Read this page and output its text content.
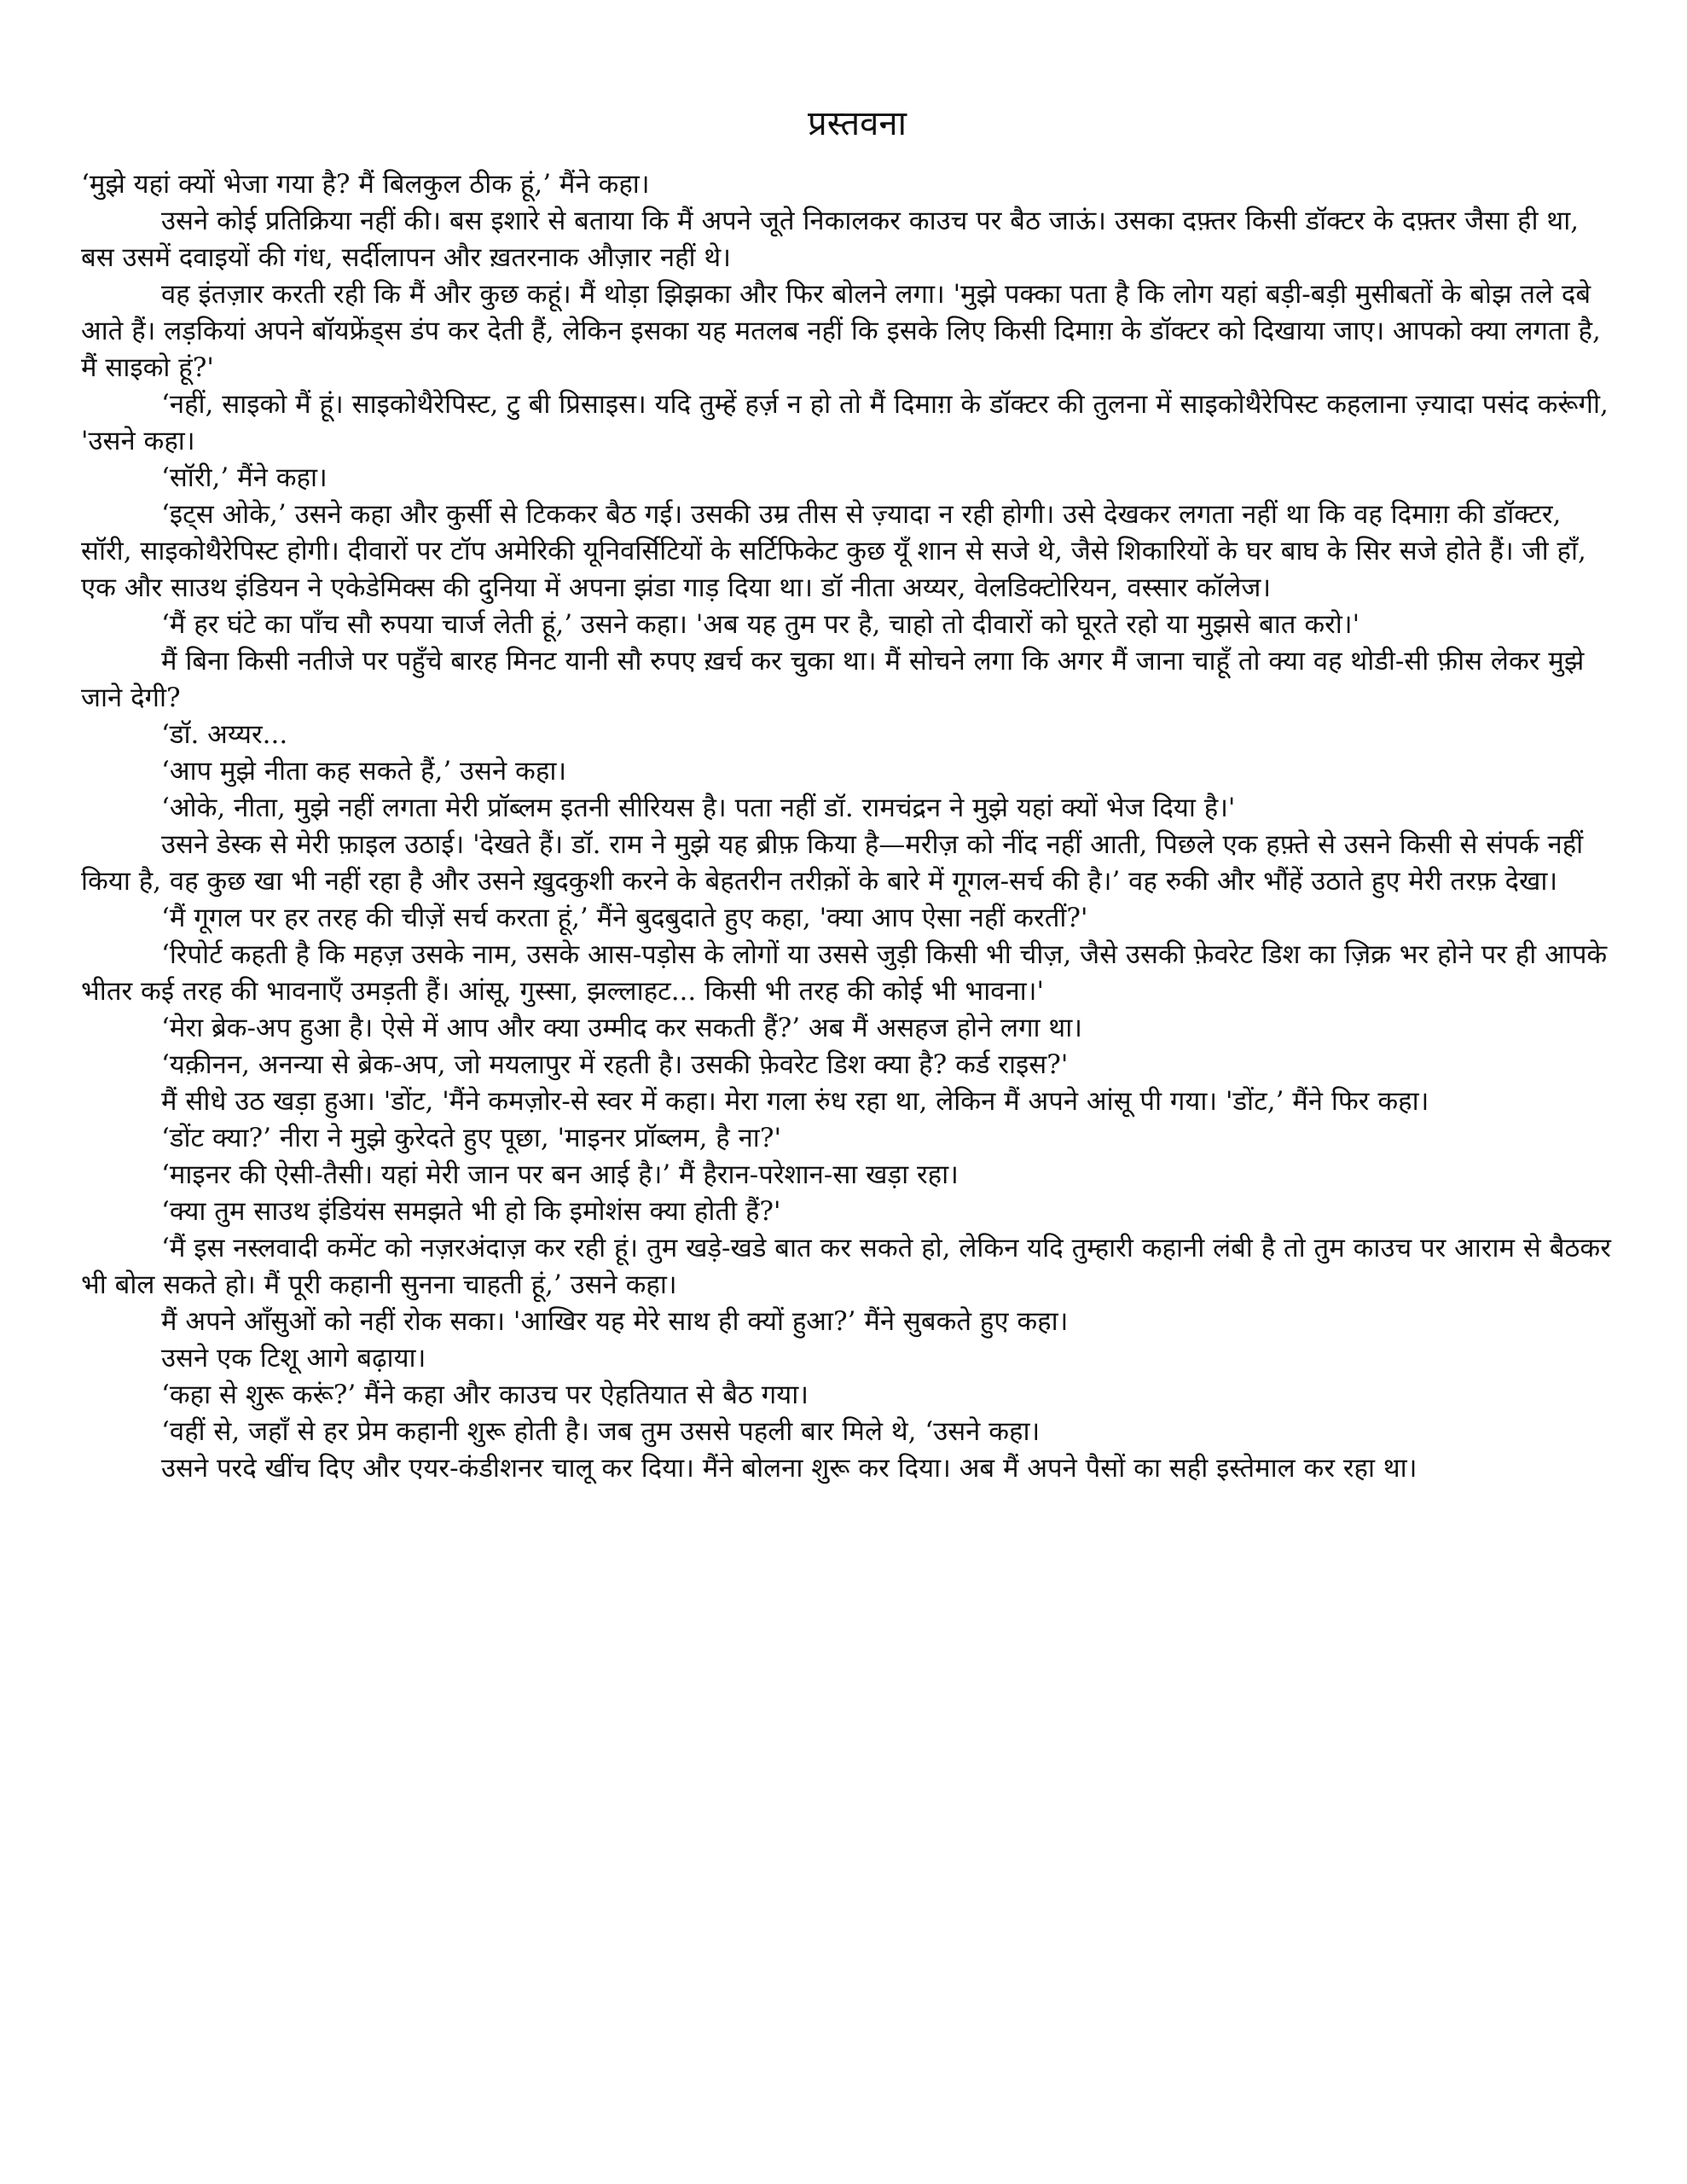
प्रस्तवना

‘मुझे यहां क्यों भेजा गया है? मैं बिलकुल ठीक हूं,’ मैंने कहा।

उसने कोई प्रतिक्रिया नहीं की। बस इशारे से बताया कि मैं अपने जूते निकालकर काउच पर बैठ जाऊं। उसका दफ़्तर किसी डॉक्टर के दफ़्तर जैसा ही था, बस उसमें दवाइयों की गंध, सर्दीलापन और ख़तरनाक औज़ार नहीं थे।

वह इंतज़ार करती रही कि मैं और कुछ कहूं। मैं थोड़ा झिझका और फिर बोलने लगा। 'मुझे पक्का पता है कि लोग यहां बड़ी-बड़ी मुसीबतों के बोझ तले दबे आते हैं। लड़कियां अपने बॉयफ्रेंड्स डंप कर देती हैं, लेकिन इसका यह मतलब नहीं कि इसके लिए किसी दिमाग़ के डॉक्टर को दिखाया जाए। आपको क्या लगता है, मैं साइको हूं?'

‘नहीं, साइको मैं हूं। साइकोथैरेपिस्ट, टु बी प्रिसाइस। यदि तुम्हें हर्ज़ न हो तो मैं दिमाग़ के डॉक्टर की तुलना में साइकोथैरेपिस्ट कहलाना ज़्यादा पसंद करूंगी, 'उसने कहा।

‘सॉरी,’ मैंने कहा।

‘इट्स ओके,’ उसने कहा और कुर्सी से टिककर बैठ गई। उसकी उम्र तीस से ज़्यादा न रही होगी। उसे देखकर लगता नहीं था कि वह दिमाग़ की डॉक्टर, सॉरी, साइकोथैरेपिस्ट होगी। दीवारों पर टॉप अमेरिकी यूनिवर्सिटियों के सर्टिफिकेट कुछ यूँ शान से सजे थे, जैसे शिकारियों के घर बाघ के सिर सजे होते हैं। जी हाँ, एक और साउथ इंडियन ने एकेडेमिक्स की दुनिया में अपना झंडा गाड़ दिया था। डॉ नीता अय्यर, वेलडिक्टोरियन, वस्सार कॉलेज।

‘मैं हर घंटे का पाँच सौ रुपया चार्ज लेती हूं,’ उसने कहा। 'अब यह तुम पर है, चाहो तो दीवारों को घूरते रहो या मुझसे बात करो।'

मैं बिना किसी नतीजे पर पहुँचे बारह मिनट यानी सौ रुपए ख़र्च कर चुका था। मैं सोचने लगा कि अगर मैं जाना चाहूँ तो क्या वह थोडी-सी फ़ीस लेकर मुझे जाने देगी?

‘डॉ. अय्यर...

‘आप मुझे नीता कह सकते हैं,’ उसने कहा।

‘ओके, नीता, मुझे नहीं लगता मेरी प्रॉब्लम इतनी सीरियस है। पता नहीं डॉ. रामचंद्रन ने मुझे यहां क्यों भेज दिया है।'

उसने डेस्क से मेरी फ़ाइल उठाई। 'देखते हैं। डॉ. राम ने मुझे यह ब्रीफ़ किया है—मरीज़ को नींद नहीं आती, पिछले एक हफ़्ते से उसने किसी से संपर्क नहीं किया है, वह कुछ खा भी नहीं रहा है और उसने ख़ुदकुशी करने के बेहतरीन तरीक़ों के बारे में गूगल-सर्च की है।’ वह रुकी और भौंहें उठाते हुए मेरी तरफ़ देखा।

‘मैं गूगल पर हर तरह की चीज़ें सर्च करता हूं,’ मैंने बुदबुदाते हुए कहा, 'क्या आप ऐसा नहीं करतीं?'

‘रिपोर्ट कहती है कि महज़ उसके नाम, उसके आस-पड़ोस के लोगों या उससे जुड़ी किसी भी चीज़, जैसे उसकी फ़ेवरेट डिश का ज़िक्र भर होने पर ही आपके भीतर कई तरह की भावनाएँ उमड़ती हैं। आंसू, गुस्सा, झल्लाहट... किसी भी तरह की कोई भी भावना।'

‘मेरा ब्रेक-अप हुआ है। ऐसे में आप और क्या उम्मीद कर सकती हैं?’ अब मैं असहज होने लगा था।

‘यक़ीनन, अनन्या से ब्रेक-अप, जो मयलापुर में रहती है। उसकी फ़ेवरेट डिश क्या है? कर्ड राइस?'

मैं सीधे उठ खड़ा हुआ। 'डोंट, 'मैंने कमज़ोर-से स्वर में कहा। मेरा गला रुंध रहा था, लेकिन मैं अपने आंसू पी गया। 'डोंट,’ मैंने फिर कहा।

‘डोंट क्या?’ नीरा ने मुझे कुरेदते हुए पूछा, 'माइनर प्रॉब्लम, है ना?'

‘माइनर की ऐसी-तैसी। यहां मेरी जान पर बन आई है।’ मैं हैरान-परेशान-सा खड़ा रहा।

‘क्या तुम साउथ इंडियंस समझते भी हो कि इमोशंस क्या होती हैं?'

‘मैं इस नस्लवादी कमेंट को नज़रअंदाज़ कर रही हूं। तुम खड़े-खडे बात कर सकते हो, लेकिन यदि तुम्हारी कहानी लंबी है तो तुम काउच पर आराम से बैठकर भी बोल सकते हो। मैं पूरी कहानी सुनना चाहती हूं,’ उसने कहा।

मैं अपने आँसुओं को नहीं रोक सका। 'आखिर यह मेरे साथ ही क्यों हुआ?’ मैंने सुबकते हुए कहा।

उसने एक टिशू आगे बढ़ाया।

‘कहा से शुरू करूं?’ मैंने कहा और काउच पर ऐहतियात से बैठ गया।

‘वहीं से, जहाँ से हर प्रेम कहानी शुरू होती है। जब तुम उससे पहली बार मिले थे, ‘उसने कहा।

उसने परदे खींच दिए और एयर-कंडीशनर चालू कर दिया। मैंने बोलना शुरू कर दिया। अब मैं अपने पैसों का सही इस्तेमाल कर रहा था।
